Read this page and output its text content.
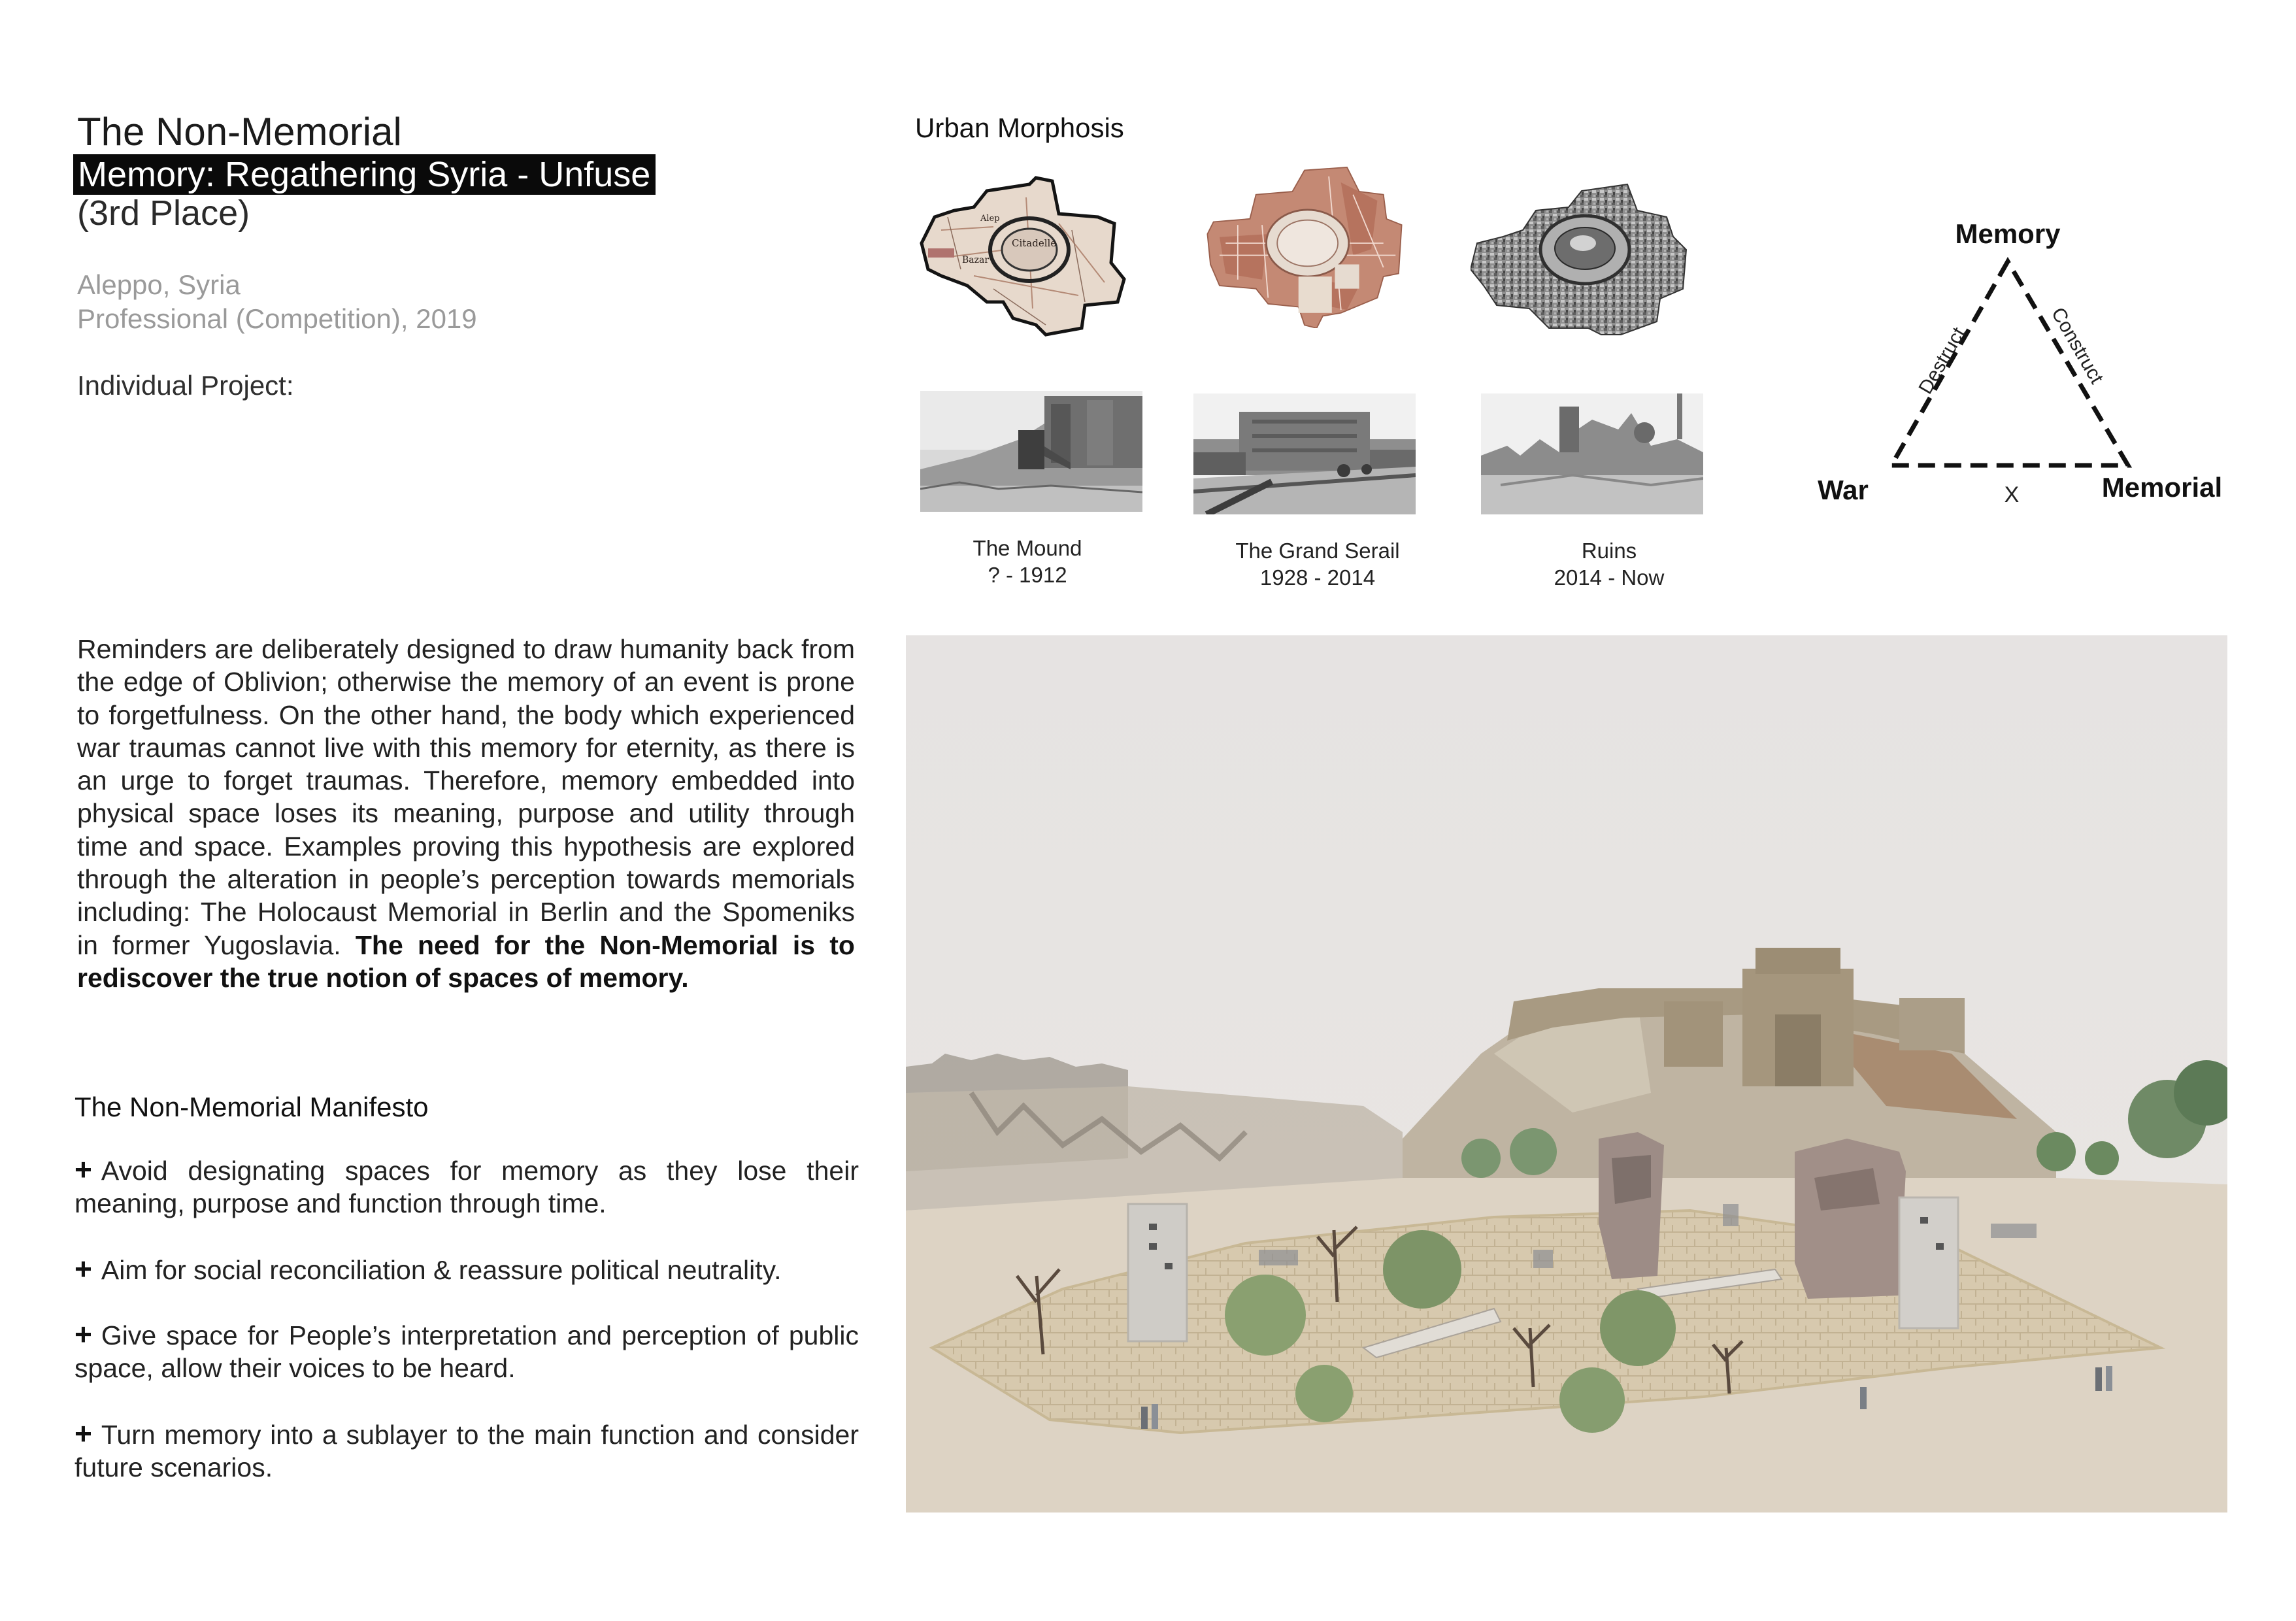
The Non-Memorial
Memory: Regathering Syria - Unfuse
(3rd Place)
Aleppo, Syria
Professional (Competition), 2019
Individual Project:
Reminders are deliberately designed to draw humanity back from the edge of Oblivion; otherwise the memory of an event is prone to forgetfulness. On the other hand, the body which experienced war traumas cannot live with this memory for eternity, as there is an urge to forget traumas. Therefore, memory embedded into physical space loses its meaning, purpose and utility through time and space. Examples proving this hypothesis are explored through the alteration in people’s perception towards memorials including: The Holocaust Memorial in Berlin and the Spomeniks in former Yugoslavia. The need for the Non-Memorial is to rediscover the true notion of spaces of memory.
The Non-Memorial Manifesto
+ Avoid designating spaces for memory as they lose their meaning, purpose and function through time.
+ Aim for social reconciliation & reassure political neutrality.
+ Give space for People’s interpretation and perception of public space, allow their voices to be heard.
+ Turn memory into a sublayer to the main function and consider future scenarios.
Urban Morphosis
Citadelle
Bazar
Alep
The Mound
? - 1912
The Grand Serail
1928 - 2014
Ruins
2014 - Now
Memory
War	Memorial
X
Destruct	Construct
